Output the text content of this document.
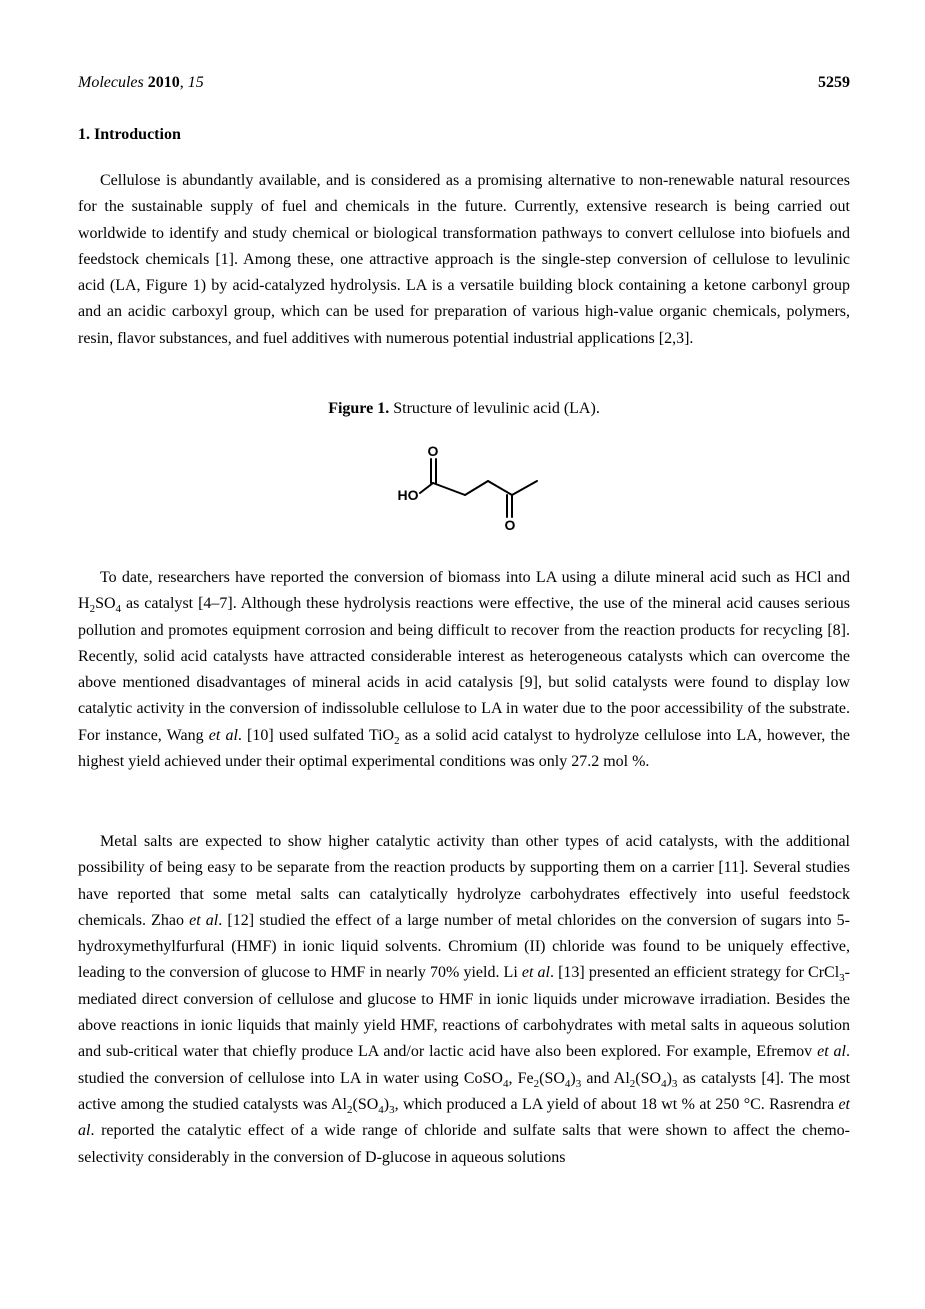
Molecules 2010, 15	5259
1. Introduction

Cellulose is abundantly available, and is considered as a promising alternative to non-renewable natural resources for the sustainable supply of fuel and chemicals in the future. Currently, extensive research is being carried out worldwide to identify and study chemical or biological transformation pathways to convert cellulose into biofuels and feedstock chemicals [1]. Among these, one attractive approach is the single-step conversion of cellulose to levulinic acid (LA, Figure 1) by acid-catalyzed hydrolysis. LA is a versatile building block containing a ketone carbonyl group and an acidic carboxyl group, which can be used for preparation of various high-value organic chemicals, polymers, resin, flavor substances, and fuel additives with numerous potential industrial applications [2,3].

Figure 1. Structure of levulinic acid (LA).
O
HO
O

To date, researchers have reported the conversion of biomass into LA using a dilute mineral acid such as HCl and $H_2SO_4$ as catalyst [4–7]. Although these hydrolysis reactions were effective, the use of the mineral acid causes serious pollution and promotes equipment corrosion and being difficult to recover from the reaction products for recycling [8]. Recently, solid acid catalysts have attracted considerable interest as heterogeneous catalysts which can overcome the above mentioned disadvantages of mineral acids in acid catalysis [9], but solid catalysts were found to display low catalytic activity in the conversion of indissoluble cellulose to LA in water due to the poor accessibility of the substrate. For instance, Wang et al. [10] used sulfated TiO$_2$ as a solid acid catalyst to hydrolyze cellulose into LA, however, the highest yield achieved under their optimal experimental conditions was only 27.2 mol %.

Metal salts are expected to show higher catalytic activity than other types of acid catalysts, with the additional possibility of being easy to be separate from the reaction products by supporting them on a carrier [11]. Several studies have reported that some metal salts can catalytically hydrolyze carbohydrates effectively into useful feedstock chemicals. Zhao et al. [12] studied the effect of a large number of metal chlorides on the conversion of sugars into 5-hydroxymethylfurfural (HMF) in ionic liquid solvents. Chromium (II) chloride was found to be uniquely effective, leading to the conversion of glucose to HMF in nearly 70% yield. Li et al. [13] presented an efficient strategy for CrCl$_3$-mediated direct conversion of cellulose and glucose to HMF in ionic liquids under microwave irradiation. Besides the above reactions in ionic liquids that mainly yield HMF, reactions of carbohydrates with metal salts in aqueous solution and sub-critical water that chiefly produce LA and/or lactic acid have also been explored. For example, Efremov et al. studied the conversion of cellulose into LA in water using CoSO$_4$, $Fe_2(SO_4)_3$ and $Al_2(SO_4)_3$ as catalysts [4]. The most active among the studied catalysts was $Al_2(SO_4)_3$, which produced a LA yield of about 18 wt % at 250 °C. Rasrendra et al. reported the catalytic effect of a wide range of chloride and sulfate salts that were shown to affect the chemo-selectivity considerably in the conversion of D-glucose in aqueous solutions
